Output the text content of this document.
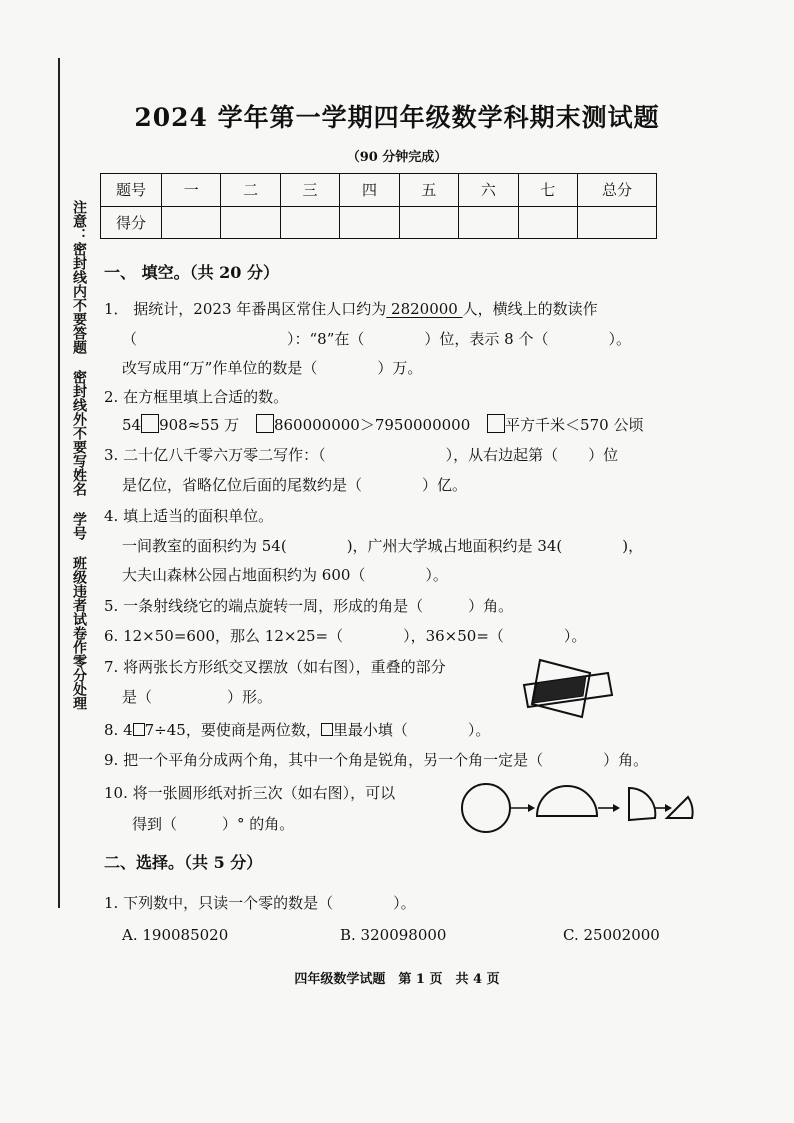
注意：密封线内不要答题 密封线外不要写姓名 学号 班级违者试卷作零分处理
2024 学年第一学期四年级数学科期末测试题
（90 分钟完成）
题号	一	二	三	四	五	六	七	总分
得分								
一、 填空。（共 20 分）
1． 据统计，2023 年番禺区常住人口约为 2820000 人，横线上的数读作
（　　　　　　　　　　）：“8”在（　　　　）位，表示 8 个（　　　　）。
改写成用“万”作单位的数是（　　　　）万。
2. 在方框里填上合适的数。
54 908≈55 万 860000000＞7950000000 平方千米＜570 公顷
3. 二十亿八千零六万零二写作：（　　　　　　　　），从右边起第（　　）位
是亿位，省略亿位后面的尾数约是（　　　　）亿。
4. 填上适当的面积单位。
一间教室的面积约为 54(　　　　)，广州大学城占地面积约是 34(　　　　)，
大夫山森林公园占地面积约为 600（　　　　）。
5. 一条射线绕它的端点旋转一周，形成的角是（　　　）角。
6. 12×50=600，那么 12×25=（　　　　），36×50=（　　　　）。
7. 将两张长方形纸交叉摆放（如右图），重叠的部分
是（　　　　　）形。
8. 4 7÷45，要使商是两位数， 里最小填（　　　　）。
9. 把一个平角分成两个角，其中一个角是锐角，另一个角一定是（　　　　）角。
10. 将一张圆形纸对折三次（如右图），可以
得到（　　　）° 的角。
二、选择。（共 5 分）
1. 下列数中，只读一个零的数是（　　　　）。
A. 190085020	B. 320098000	C. 25002000
四年级数学试题　第 1 页　共 4 页
